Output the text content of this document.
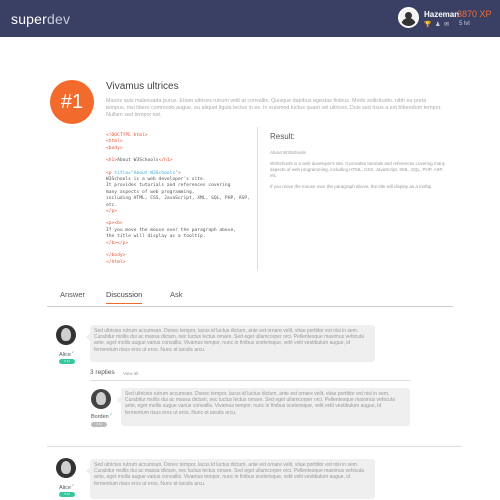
superdev	Hazeman
3870 XP
🏆 ♟ ✉ 5 lvl
#1
Vivamus ultrices
Mauris quis malesuada purus. Etiam ultrices rutrum velit at convallis. Quisque dapibus egestas finibus. Morbi sollicitudin, nibh eu porta tempus, nisl libero commodo augue, eu aliquet ligula lectus in ex. In euismod luctus quam vel ultrices. Duis sed risus a est bibendum tempor. Nullam sed tempor est.
<!DOCTYPE html>
<html>
<body>
<h1>About W3Schools</h1>
<p title="About W3Schools">
W3Schools is a web developer's site.
It provides tutorials and references covering
many aspects of web programming,
including HTML, CSS, JavaScript, XML, SQL, PHP, ASP, etc.
</p>
<p><b>
If you move the mouse over the paragraph above,
the title will display as a tooltip.
</b></p>
</body>
</html>
Result:

About W3Schools

W3Schools is a web developer's site. It provides tutorials and references covering many aspects of web programming, including HTML, CSS, JavaScript, XML, SQL, PHP, ASP, etc.

If you move the mouse over the paragraph above, the title will display as a tooltip.

Answer	Discussion	Ask
Alice ✔
5 lvl
Sed ultricies rutrum accumsan. Donec tempor, lacus id luctus dictum, ante est ornare velit, vitae porttitor est nisi in sem. Curabitur mollis dui ac massa dictum, nec luctus lectus ornare. Sed eget ullamcorper orci. Pellentesque maximus vehicula ante, eget mollis augue varius convallis. Vivamus tempor, nunc in finibus scelerisque, velit velit vestibulum augue, id fermentum risus eros ut eros. Nunc et iaculis arcu.
3 replies View all
Borden ✔
2 lvl
Sed ultricies rutrum accumsan. Donec tempor, lacus id luctus dictum, ante est ornare velit, vitae porttitor est nisi in sem. Curabitur mollis dui ac massa dictum, nec luctus lectus ornare. Sed eget ullamcorper orci. Pellentesque maximus vehicula ante, eget mollis augue varius convallis. Vivamus tempor, nunc in finibus scelerisque, velit velit vestibulum augue, id fermentum risus eros ut eros. Nunc et iaculis arcu.
Alice ✔
5 lvl
Sed ultricies rutrum accumsan. Donec tempor, lacus id luctus dictum, ante est ornare velit, vitae porttitor est nisi in sem. Curabitur mollis dui ac massa dictum, nec luctus lectus ornare. Sed eget ullamcorper orci. Pellentesque maximus vehicula ante, eget mollis augue varius convallis. Vivamus tempor, nunc in finibus scelerisque, velit velit vestibulum augue, id fermentum risus eros ut eros. Nunc et iaculis arcu.
